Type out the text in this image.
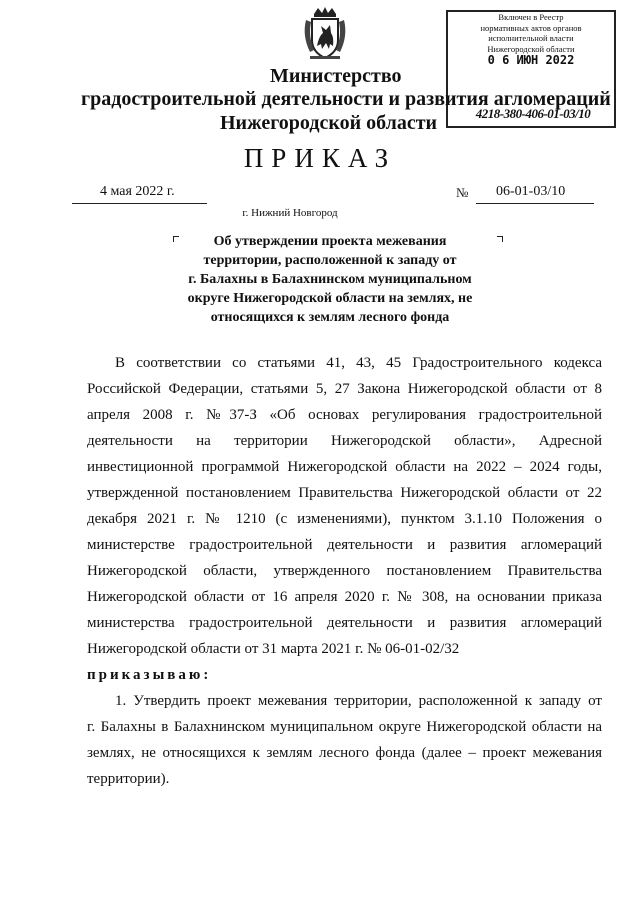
Включен в Реестр
нормативных актов органов
исполнительной власти
Нижегородской области
0 6 ИЮН 2022
4218-380-406-01-03/10
Министерство
градостроительной деятельности и развития агломераций
Нижегородской области
ПРИКАЗ
4 мая 2022 г.	№ 06-01-03/10
г. Нижний Новгород
Об утверждении проекта межевания
территории, расположенной к западу от
г. Балахны в Балахнинском муниципальном
округе Нижегородской области на землях, не
относящихся к землям лесного фонда
В соответствии со статьями 41, 43, 45 Градостроительного кодекса
Российской Федерации, статьями 5, 27 Закона Нижегородской области от 8
апреля 2008 г. №37-З «Об основах регулирования градостроительной
деятельности на территории Нижегородской области», Адресной
инвестиционной программой Нижегородской области на 2022 – 2024 годы,
утвержденной постановлением Правительства Нижегородской области от 22
декабря 2021 г. № 1210 (с изменениями), пунктом 3.1.10 Положения о
министерстве градостроительной деятельности и развития агломераций
Нижегородской области, утвержденного постановлением Правительства
Нижегородской области от 16 апреля 2020 г. № 308, на основании приказа
министерства градостроительной деятельности и развития агломераций
Нижегородской области от 31 марта 2021 г. № 06-01-02/32
приказываю:
1. Утвердить проект межевания территории, расположенной к западу от
г. Балахны в Балахнинском муниципальном округе Нижегородской области на
землях, не относящихся к землям лесного фонда (далее – проект межевания
территории).
